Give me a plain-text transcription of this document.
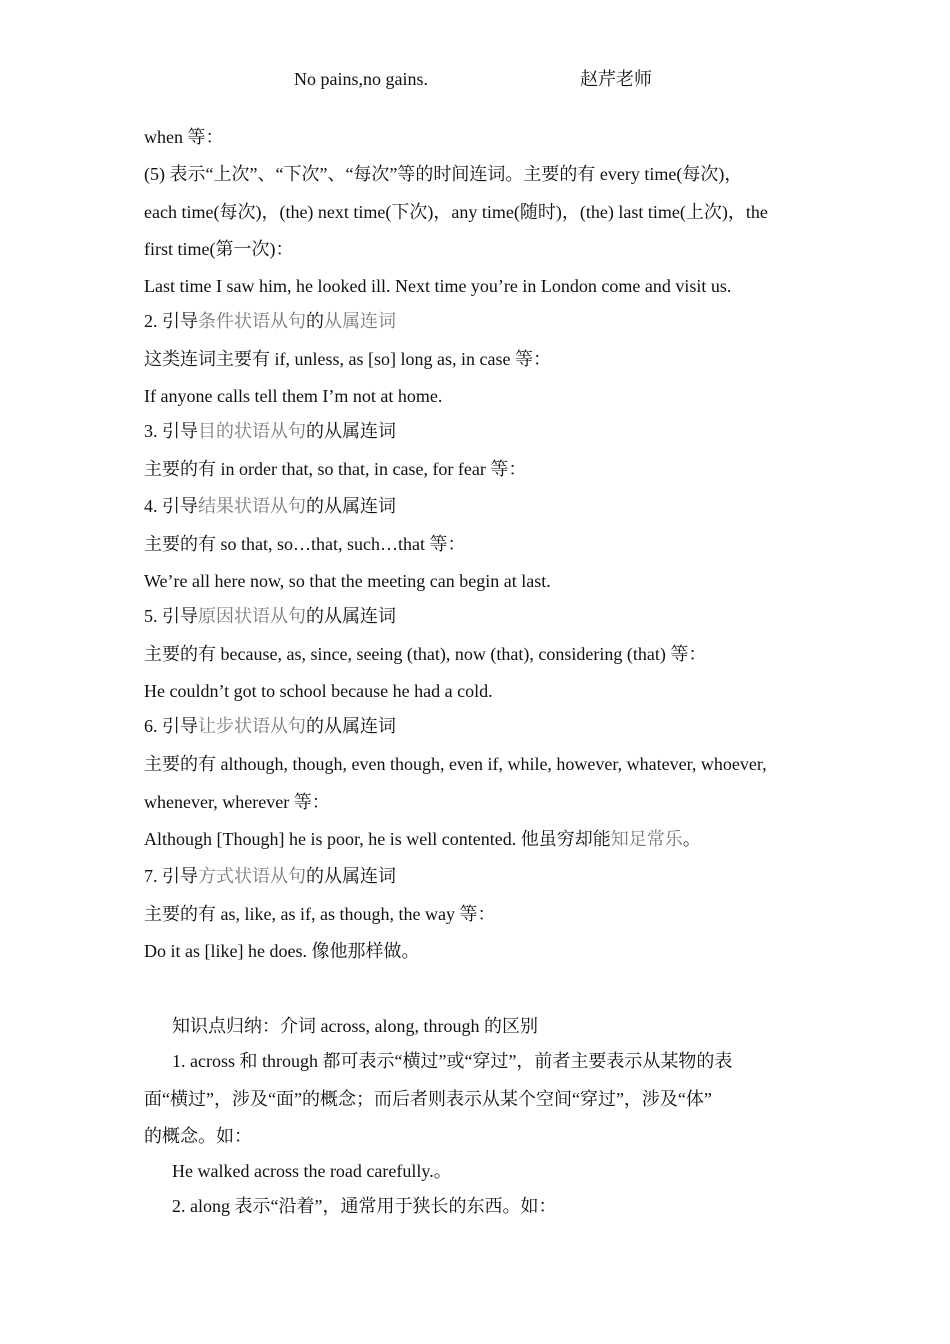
No pains,no gains.	赵芹老师
when 等：
(5) 表示“上次”、“下次”、“每次”等的时间连词。主要的有 every time(每次)，
each time(每次)，(the) next time(下次)，any time(随时)，(the) last time(上次)，the
first time(第一次)：
Last time I saw him, he looked ill. Next time you’re in London come and visit us.
2. 引导条件状语从句的从属连词
这类连词主要有 if, unless, as [so] long as, in case 等：
If anyone calls tell them I’m not at home.
3. 引导目的状语从句的从属连词
主要的有 in order that, so that, in case, for fear 等：
4. 引导结果状语从句的从属连词
主要的有 so that, so…that, such…that 等：
We’re all here now, so that the meeting can begin at last.
5. 引导原因状语从句的从属连词
主要的有 because, as, since, seeing (that), now (that), considering (that) 等：
He couldn’t got to school because he had a cold.
6. 引导让步状语从句的从属连词
主要的有 although, though, even though, even if, while, however, whatever, whoever,
whenever, wherever 等：
Although [Though] he is poor, he is well contented. 他虽穷却能知足常乐。
7. 引导方式状语从句的从属连词
主要的有 as, like, as if, as though, the way 等：
Do it as [like] he does. 像他那样做。
知识点归纳：介词 across, along, through 的区别
1. across 和 through 都可表示“横过”或“穿过”，前者主要表示从某物的表
面“横过”，涉及“面”的概念；而后者则表示从某个空间“穿过”，涉及“体”
的概念。如：
He walked across the road carefully.。
2. along 表示“沿着”，通常用于狭长的东西。如：
